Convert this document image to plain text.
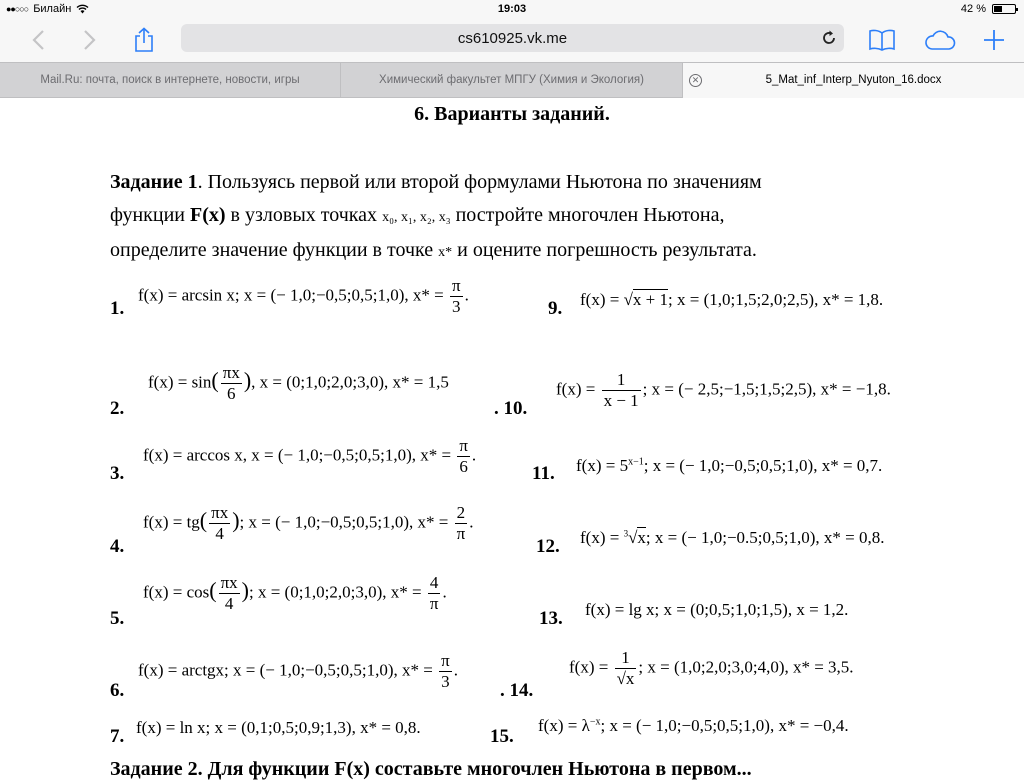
●●○○○ Билайн	19:03	42 %
cs610925.vk.me
Mail.Ru: почта, поиск в интернете, новости, игры	Химический факультет МПГУ (Химия и Экология)	✕	5_Mat_inf_Interp_Nyuton_16.docx
6. Варианты заданий.
Задание 1. Пользуясь первой или второй формулами Ньютона по значениям
функции F(x) в узловых точках x₀, x₁, x₂, x₃ постройте многочлен Ньютона,
определите значение функции в точке x* и оцените погрешность результата.
1.
f(x) = arcsin x; x = (− 1,0;−0,5;0,5;1,0), $x* = \frac{\pi}{3}$ .
2.
$f(x) = \sin( \frac{\pi x}{6}$ ), x = (0;1,0;2,0;3,0), x* = 1,5
3.
f(x) = arccos x, x = (− 1,0;−0,5;0,5;1,0), $x* = \frac{\pi}{6}$ .
4.
$f(x) = tg( \frac{\pi x}{4}$ ); x = (− 1,0;−0,5;0,5;1,0), $x* = \frac{2}{\pi}$ .
5.
$f(x) = \cos( \frac{\pi x}{4}$ ); x = (0;1,0;2,0;3,0), $x* = \frac{4}{\pi}$ .
6.
f(x) = arctgx; x = (− 1,0;−0,5;0,5;1,0), $x* = \frac{\pi}{3}$ .
7. f(x) = ln x; x = (0,1;0,5;0,9;1,3), x* = 0,8.
9. f(x) = √x + 1; x = (1,0;1,5;2,0;2,5), x* = 1,8.
. 10.
$f(x) = \frac{1}{x - 1}$ ; x = (− 2,5;−1,5;1,5;2,5), x* = −1,8.
11. $f(x) = 5^{x-1}$; x = (− 1,0;−0,5;0,5;1,0), x* = 0,7.
12. f(x) = $^3$√x; x = (− 1,0;−0.5;0,5;1,0), x* = 0,8.
13. f(x) = lg x; x = (0;0,5;1,0;1,5), x = 1,2.
. 14.
$f(x) = \frac{1}{√x}$ ; x = (1,0;2,0;3,0;4,0), x* = 3,5.
15.
$f(x) = \lambda^{-x}$; x = (− 1,0;−0,5;0,5;1,0), x* = −0,4.
Задание 2. Для функции F(x) составьте многочлен Ньютона в первом...
